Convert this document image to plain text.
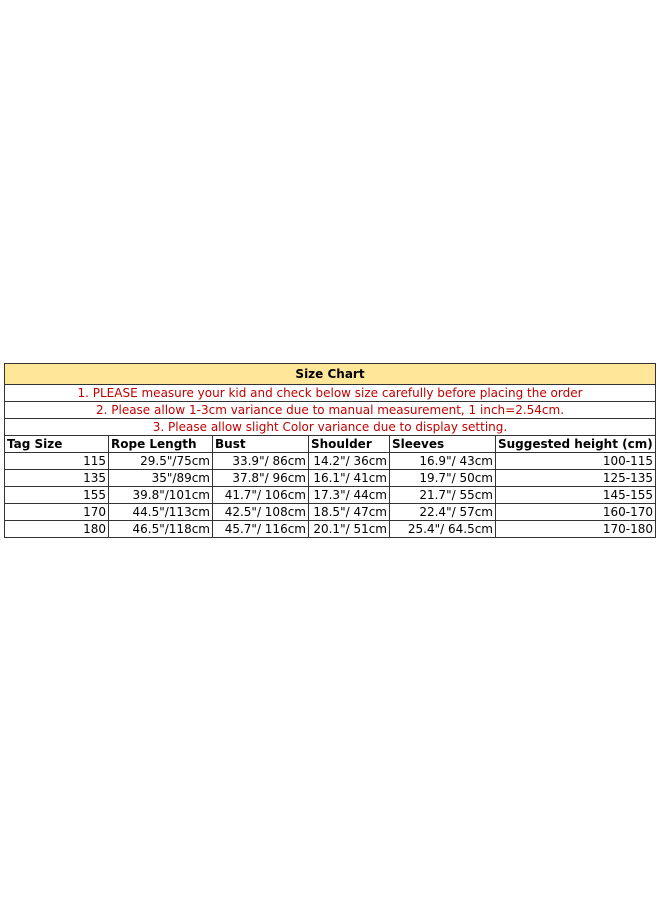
Size Chart					
1. PLEASE measure your kid and check below size carefully before placing the order					
2. Please allow 1-3cm variance due to manual measurement, 1 inch=2.54cm.					
3. Please allow slight Color variance due to display setting.					
Tag Size	Rope Length	Bust	Shoulder	Sleeves	Suggested height (cm)
115	29.5"/75cm	33.9"/ 86cm	14.2"/ 36cm	16.9"/ 43cm	100-115
135	35"/89cm	37.8"/ 96cm	16.1"/ 41cm	19.7"/ 50cm	125-135
155	39.8"/101cm	41.7"/ 106cm	17.3"/ 44cm	21.7"/ 55cm	145-155
170	44.5"/113cm	42.5"/ 108cm	18.5"/ 47cm	22.4"/ 57cm	160-170
180	46.5"/118cm	45.7"/ 116cm	20.1"/ 51cm	25.4"/ 64.5cm	170-180
